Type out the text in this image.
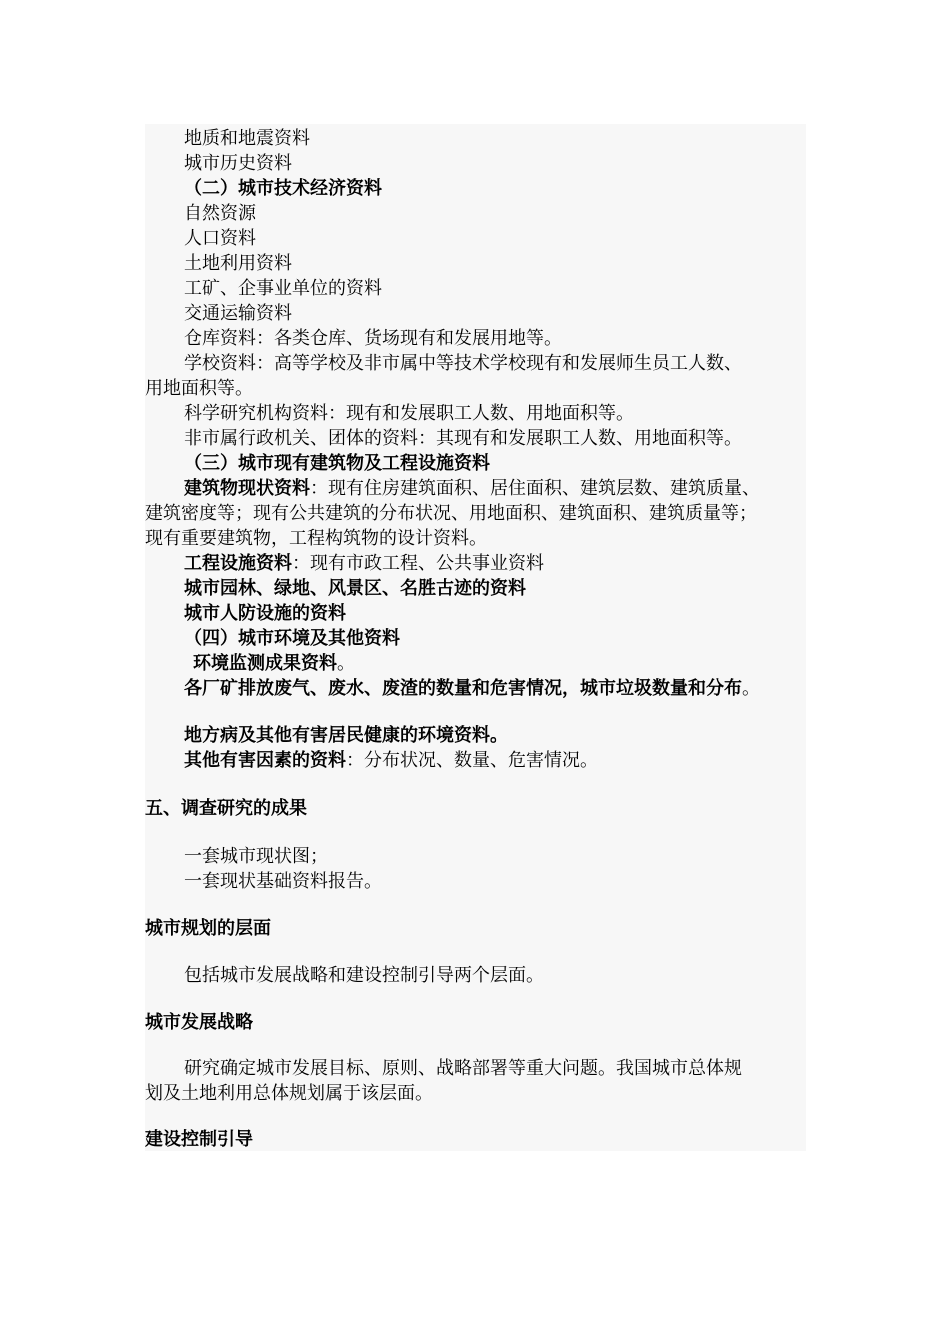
地质和地震资料
城市历史资料
（二）城市技术经济资料
自然资源
人口资料
土地利用资料
工矿、企事业单位的资料
交通运输资料
仓库资料：各类仓库、货场现有和发展用地等。
学校资料：高等学校及非市属中等技术学校现有和发展师生员工人数、
用地面积等。
科学研究机构资料：现有和发展职工人数、用地面积等。
非市属行政机关、团体的资料：其现有和发展职工人数、用地面积等。
（三）城市现有建筑物及工程设施资料
建筑物现状资料：现有住房建筑面积、居住面积、建筑层数、建筑质量、
建筑密度等；现有公共建筑的分布状况、用地面积、建筑面积、建筑质量等；
现有重要建筑物，工程构筑物的设计资料。
工程设施资料：现有市政工程、公共事业资料
城市园林、绿地、风景区、名胜古迹的资料
城市人防设施的资料
（四）城市环境及其他资料
环境监测成果资料。
各厂矿排放废气、废水、废渣的数量和危害情况，城市垃圾数量和分布。
地方病及其他有害居民健康的环境资料。
其他有害因素的资料：分布状况、数量、危害情况。
五、调查研究的成果
一套城市现状图；
一套现状基础资料报告。
城市规划的层面
包括城市发展战略和建设控制引导两个层面。
城市发展战略
研究确定城市发展目标、原则、战略部署等重大问题。我国城市总体规
划及土地利用总体规划属于该层面。
建设控制引导
